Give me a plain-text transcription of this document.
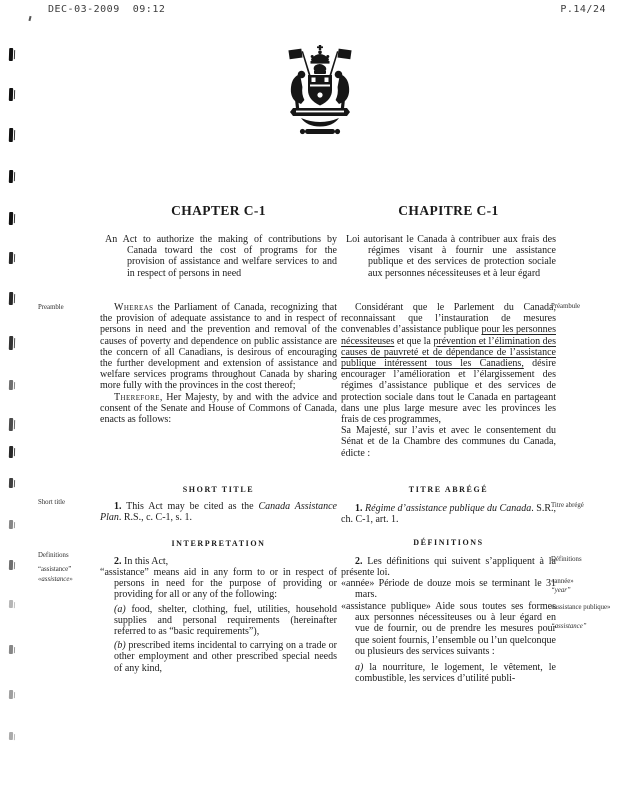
DEC-03-2009  09:12	P.14/24
CHAPTER C-1
An Act to authorize the making of contributions by Canada toward the cost of programs for the provision of assistance and welfare services to and in respect of persons in need

Whereas the Parliament of Canada, recognizing that the provision of adequate assistance to and in respect of persons in need and the prevention and removal of the causes of poverty and dependence on public assistance are the concern of all Canadians, is desirous of encouraging the further development and extension of assistance and welfare services programs throughout Canada by sharing more fully with the provinces in the cost thereof;

Therefore, Her Majesty, by and with the advice and consent of the Senate and House of Commons of Canada, enacts as follows:

SHORT TITLE

1. This Act may be cited as the Canada Assistance Plan. R.S., c. C-1, s. 1.

INTERPRETATION

2. In this Act,

“assistance” means aid in any form to or in respect of persons in need for the purpose of providing or providing for all or any of the following:

(a) food, shelter, clothing, fuel, utilities, household supplies and personal requirements (hereinafter referred to as “basic requirements”),

(b) prescribed items incidental to carrying on a trade or other employment and other prescribed special needs of any kind,

CHAPITRE C-1
Loi autorisant le Canada à contribuer aux frais des régimes visant à fournir une assistance publique et des services de protection sociale aux personnes nécessiteuses et à leur égard

Considérant que le Parlement du Canada, reconnaissant que l’instauration de mesures convenables d’assistance publique pour les personnes nécessiteuses et que la prévention et l’élimination des causes de pauvreté et de dépendance de l’assistance publique intéressent tous les Canadiens, désire encourager l’amélioration et l’élargissement des régimes d’assistance publique et des services de protection sociale dans tout le Canada en partageant dans une plus large mesure avec les provinces les frais de ces programmes,

Sa Majesté, sur l’avis et avec le consentement du Sénat et de la Chambre des communes du Canada, édicte :

TITRE ABRÉGÉ

1. Régime d’assistance publique du Canada. S.R., ch. C-1, art. 1.

DÉFINITIONS

2. Les définitions qui suivent s’appliquent à la présente loi.

«année» Période de douze mois se terminant le 31 mars.

«assistance publique» Aide sous toutes ses formes aux personnes nécessiteuses ou à leur égard en vue de fournir, ou de prendre les mesures pour que soient fournis, l’ensemble ou l’un quelconque ou plusieurs des services suivants :

a) la nourriture, le logement, le vêtement, le combustible, les services d’utilité publi-

Preamble
Short title
Definitions
“assistance”
«assistance»
Préambule
Titre abrégé
Définitions
«année»
“year”
«assistance publique»
“assistance”
